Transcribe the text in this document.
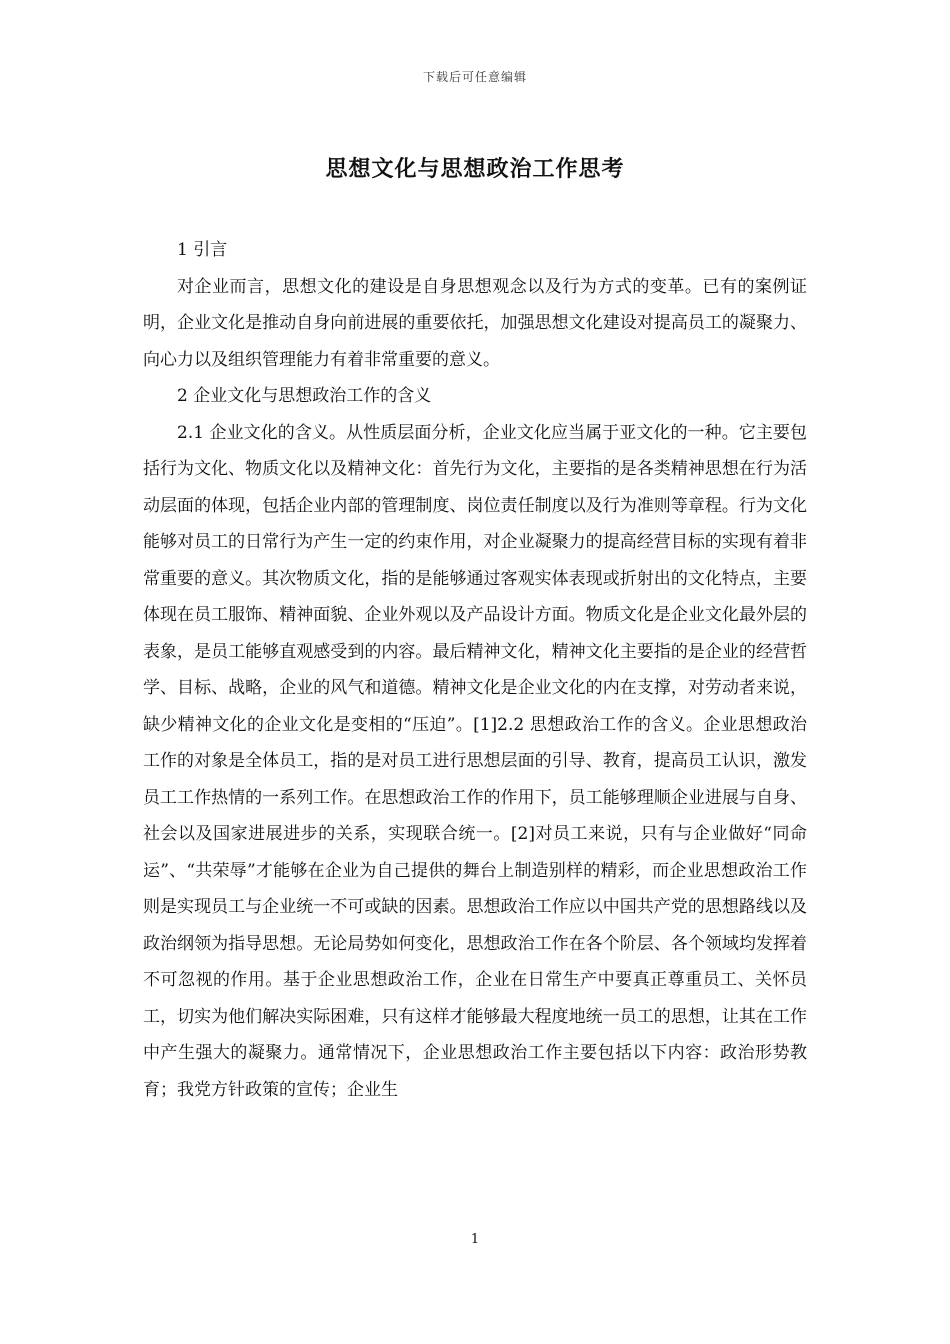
下载后可任意编辑
思想文化与思想政治工作思考

1 引言

对企业而言，思想文化的建设是自身思想观念以及行为方式的变革。已有的案例证明，企业文化是推动自身向前进展的重要依托，加强思想文化建设对提高员工的凝聚力、向心力以及组织管理能力有着非常重要的意义。

2 企业文化与思想政治工作的含义

2.1 企业文化的含义。从性质层面分析，企业文化应当属于亚文化的一种。它主要包括行为文化、物质文化以及精神文化：首先行为文化，主要指的是各类精神思想在行为活动层面的体现，包括企业内部的管理制度、岗位责任制度以及行为准则等章程。行为文化能够对员工的日常行为产生一定的约束作用，对企业凝聚力的提高经营目标的实现有着非常重要的意义。其次物质文化，指的是能够通过客观实体表现或折射出的文化特点，主要体现在员工服饰、精神面貌、企业外观以及产品设计方面。物质文化是企业文化最外层的表象，是员工能够直观感受到的内容。最后精神文化，精神文化主要指的是企业的经营哲学、目标、战略，企业的风气和道德。精神文化是企业文化的内在支撑，对劳动者来说，缺少精神文化的企业文化是变相的“压迫”。[1]2.2 思想政治工作的含义。企业思想政治工作的对象是全体员工，指的是对员工进行思想层面的引导、教育，提高员工认识，激发员工工作热情的一系列工作。在思想政治工作的作用下，员工能够理顺企业进展与自身、社会以及国家进展进步的关系，实现联合统一。[2]对员工来说，只有与企业做好“同命运”、“共荣辱”才能够在企业为自己提供的舞台上制造别样的精彩，而企业思想政治工作则是实现员工与企业统一不可或缺的因素。思想政治工作应以中国共产党的思想路线以及政治纲领为指导思想。无论局势如何变化，思想政治工作在各个阶层、各个领域均发挥着不可忽视的作用。基于企业思想政治工作，企业在日常生产中要真正尊重员工、关怀员工，切实为他们解决实际困难，只有这样才能够最大程度地统一员工的思想，让其在工作中产生强大的凝聚力。通常情况下，企业思想政治工作主要包括以下内容：政治形势教育；我党方针政策的宣传；企业生

1
